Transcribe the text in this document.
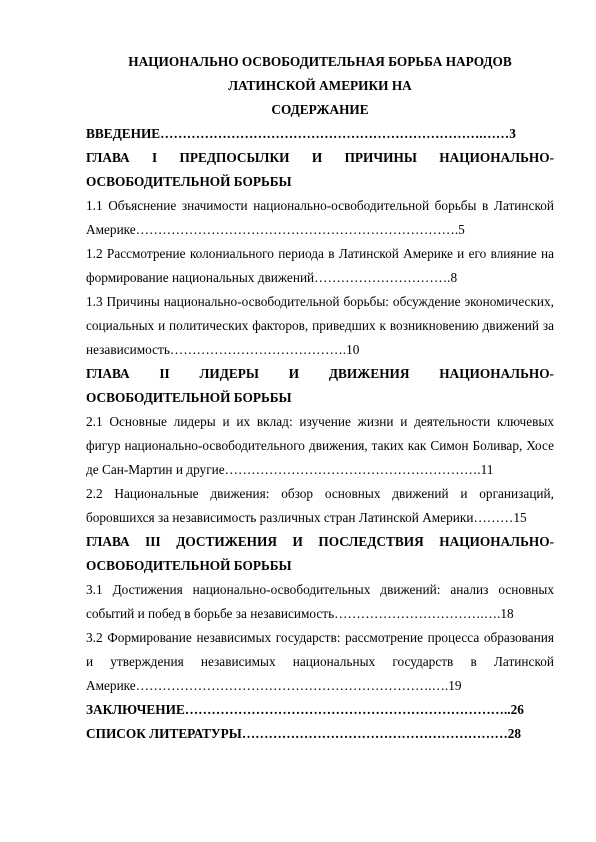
НАЦИОНАЛЬНО ОСВОБОДИТЕЛЬНАЯ БОРЬБА НАРОДОВ
ЛАТИНСКОЙ АМЕРИКИ НА
СОДЕРЖАНИЕ
ВВЕДЕНИЕ……………………………………………………………….……3
ГЛАВА I ПРЕДПОСЫЛКИ И ПРИЧИНЫ НАЦИОНАЛЬНО-ОСВОБОДИТЕЛЬНОЙ БОРЬБЫ
1.1 Объяснение значимости национально-освободительной борьбы в Латинской Америке……………………………………………………………….5
1.2 Рассмотрение колониального периода в Латинской Америке и его влияние на формирование национальных движений………………………….8
1.3 Причины национально-освободительной борьбы: обсуждение экономических, социальных и политических факторов, приведших к возникновению движений за независимость………………………………….10
ГЛАВА II ЛИДЕРЫ И ДВИЖЕНИЯ НАЦИОНАЛЬНО-ОСВОБОДИТЕЛЬНОЙ БОРЬБЫ
2.1 Основные лидеры и их вклад: изучение жизни и деятельности ключевых фигур национально-освободительного движения, таких как Симон Боливар, Хосе де Сан-Мартин и другие………………………………………………….11
2.2 Национальные движения: обзор основных движений и организаций, боровшихся за независимость различных стран Латинской Америки………15
ГЛАВА III ДОСТИЖЕНИЯ И ПОСЛЕДСТВИЯ НАЦИОНАЛЬНО-ОСВОБОДИТЕЛЬНОЙ БОРЬБЫ
3.1 Достижения национально-освободительных движений: анализ основных событий и побед в борьбе за независимость…………………………….….18
3.2 Формирование независимых государств: рассмотрение процесса образования и утверждения независимых национальных государств в Латинской Америке………………………………………………………….….19
ЗАКЛЮЧЕНИЕ………………………………………………………………..26
СПИСОК ЛИТЕРАТУРЫ……………………………………………………28
